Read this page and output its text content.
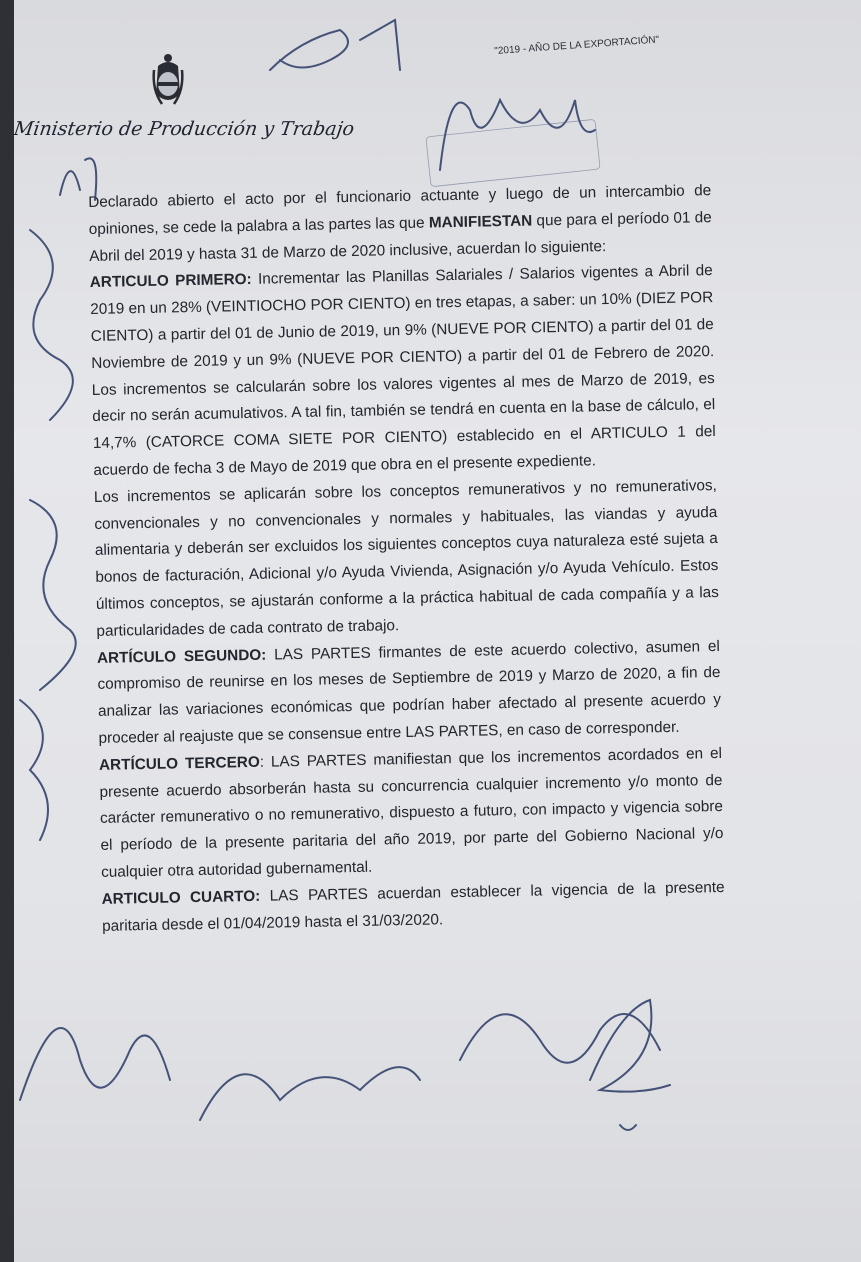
"2019 - AÑO DE LA EXPORTACIÓN"
Ministerio de Producción y Trabajo

Declarado abierto el acto por el funcionario actuante y luego de un intercambio de opiniones, se cede la palabra a las partes las que MANIFIESTAN que para el período 01 de Abril del 2019 y hasta 31 de Marzo de 2020 inclusive, acuerdan lo siguiente:

ARTICULO PRIMERO: Incrementar las Planillas Salariales / Salarios vigentes a Abril de 2019 en un 28% (VEINTIOCHO POR CIENTO) en tres etapas, a saber: un 10% (DIEZ POR CIENTO) a partir del 01 de Junio de 2019, un 9% (NUEVE POR CIENTO) a partir del 01 de Noviembre de 2019 y un 9% (NUEVE POR CIENTO) a partir del 01 de Febrero de 2020. Los incrementos se calcularán sobre los valores vigentes al mes de Marzo de 2019, es decir no serán acumulativos. A tal fin, también se tendrá en cuenta en la base de cálculo, el 14,7% (CATORCE COMA SIETE POR CIENTO) establecido en el ARTICULO 1 del acuerdo de fecha 3 de Mayo de 2019 que obra en el presente expediente.

Los incrementos se aplicarán sobre los conceptos remunerativos y no remunerativos, convencionales y no convencionales y normales y habituales, las viandas y ayuda alimentaria y deberán ser excluidos los siguientes conceptos cuya naturaleza esté sujeta a bonos de facturación, Adicional y/o Ayuda Vivienda, Asignación y/o Ayuda Vehículo. Estos últimos conceptos, se ajustarán conforme a la práctica habitual de cada compañía y a las particularidades de cada contrato de trabajo.

ARTÍCULO SEGUNDO: LAS PARTES firmantes de este acuerdo colectivo, asumen el compromiso de reunirse en los meses de Septiembre de 2019 y Marzo de 2020, a fin de analizar las variaciones económicas que podrían haber afectado al presente acuerdo y proceder al reajuste que se consensue entre LAS PARTES, en caso de corresponder.

ARTÍCULO TERCERO: LAS PARTES manifiestan que los incrementos acordados en el presente acuerdo absorberán hasta su concurrencia cualquier incremento y/o monto de carácter remunerativo o no remunerativo, dispuesto a futuro, con impacto y vigencia sobre el período de la presente paritaria del año 2019, por parte del Gobierno Nacional y/o cualquier otra autoridad gubernamental.

ARTICULO CUARTO: LAS PARTES acuerdan establecer la vigencia de la presente paritaria desde el 01/04/2019 hasta el 31/03/2020.
